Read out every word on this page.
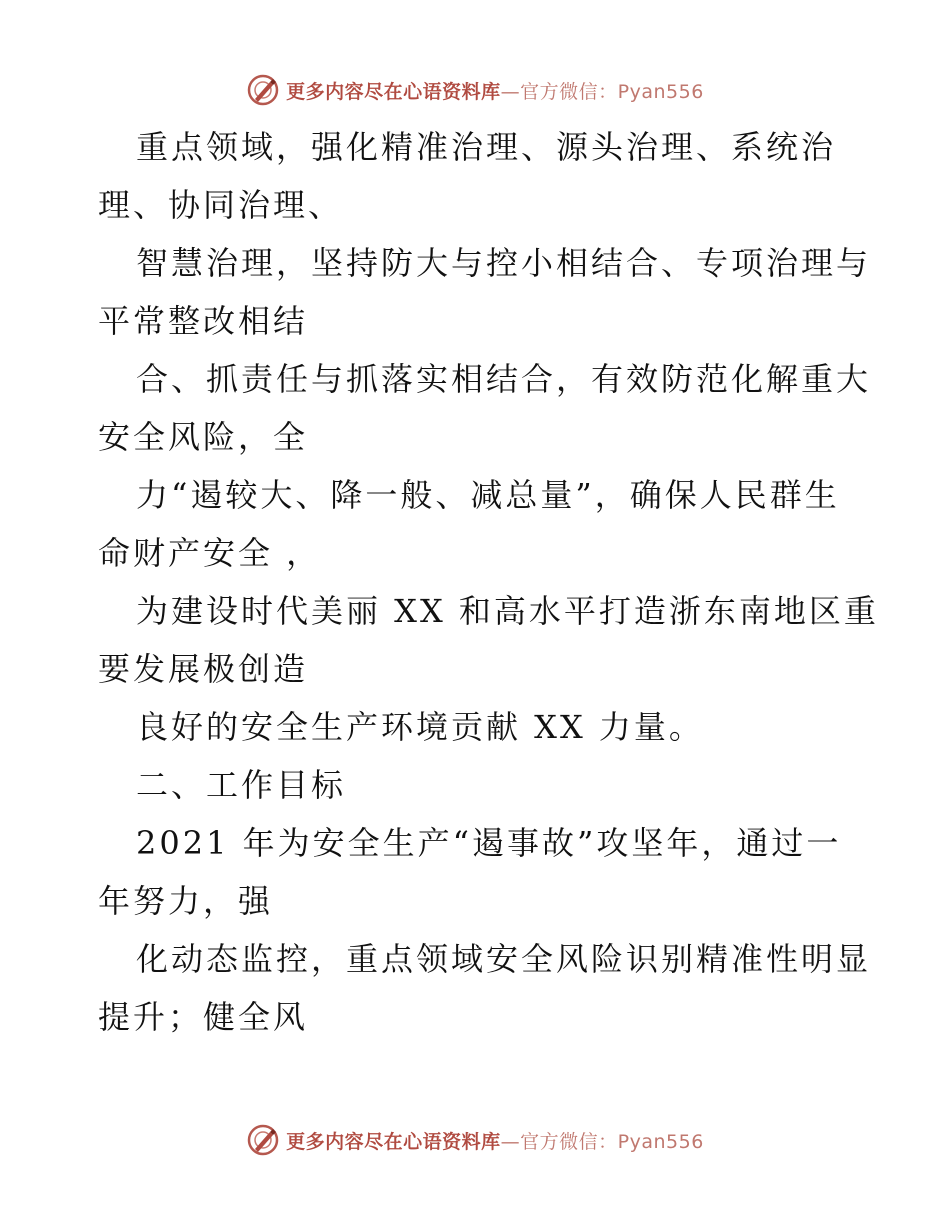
更多内容尽在心语资料库—官方微信：Pyan556
重点领域，强化精准治理、源头治理、系统治
理、协同治理、
智慧治理，坚持防大与控小相结合、专项治理与
平常整改相结
合、抓责任与抓落实相结合，有效防范化解重大
安全风险，全
力“遏较大、降一般、减总量”，确保人民群生
命财产安全 ，
为建设时代美丽 XX 和高水平打造浙东南地区重
要发展极创造
良好的安全生产环境贡献 XX 力量。
二、工作目标
2021 年为安全生产“遏事故”攻坚年，通过一
年努力，强
化动态监控，重点领域安全风险识别精准性明显
提升；健全风
更多内容尽在心语资料库—官方微信：Pyan556
